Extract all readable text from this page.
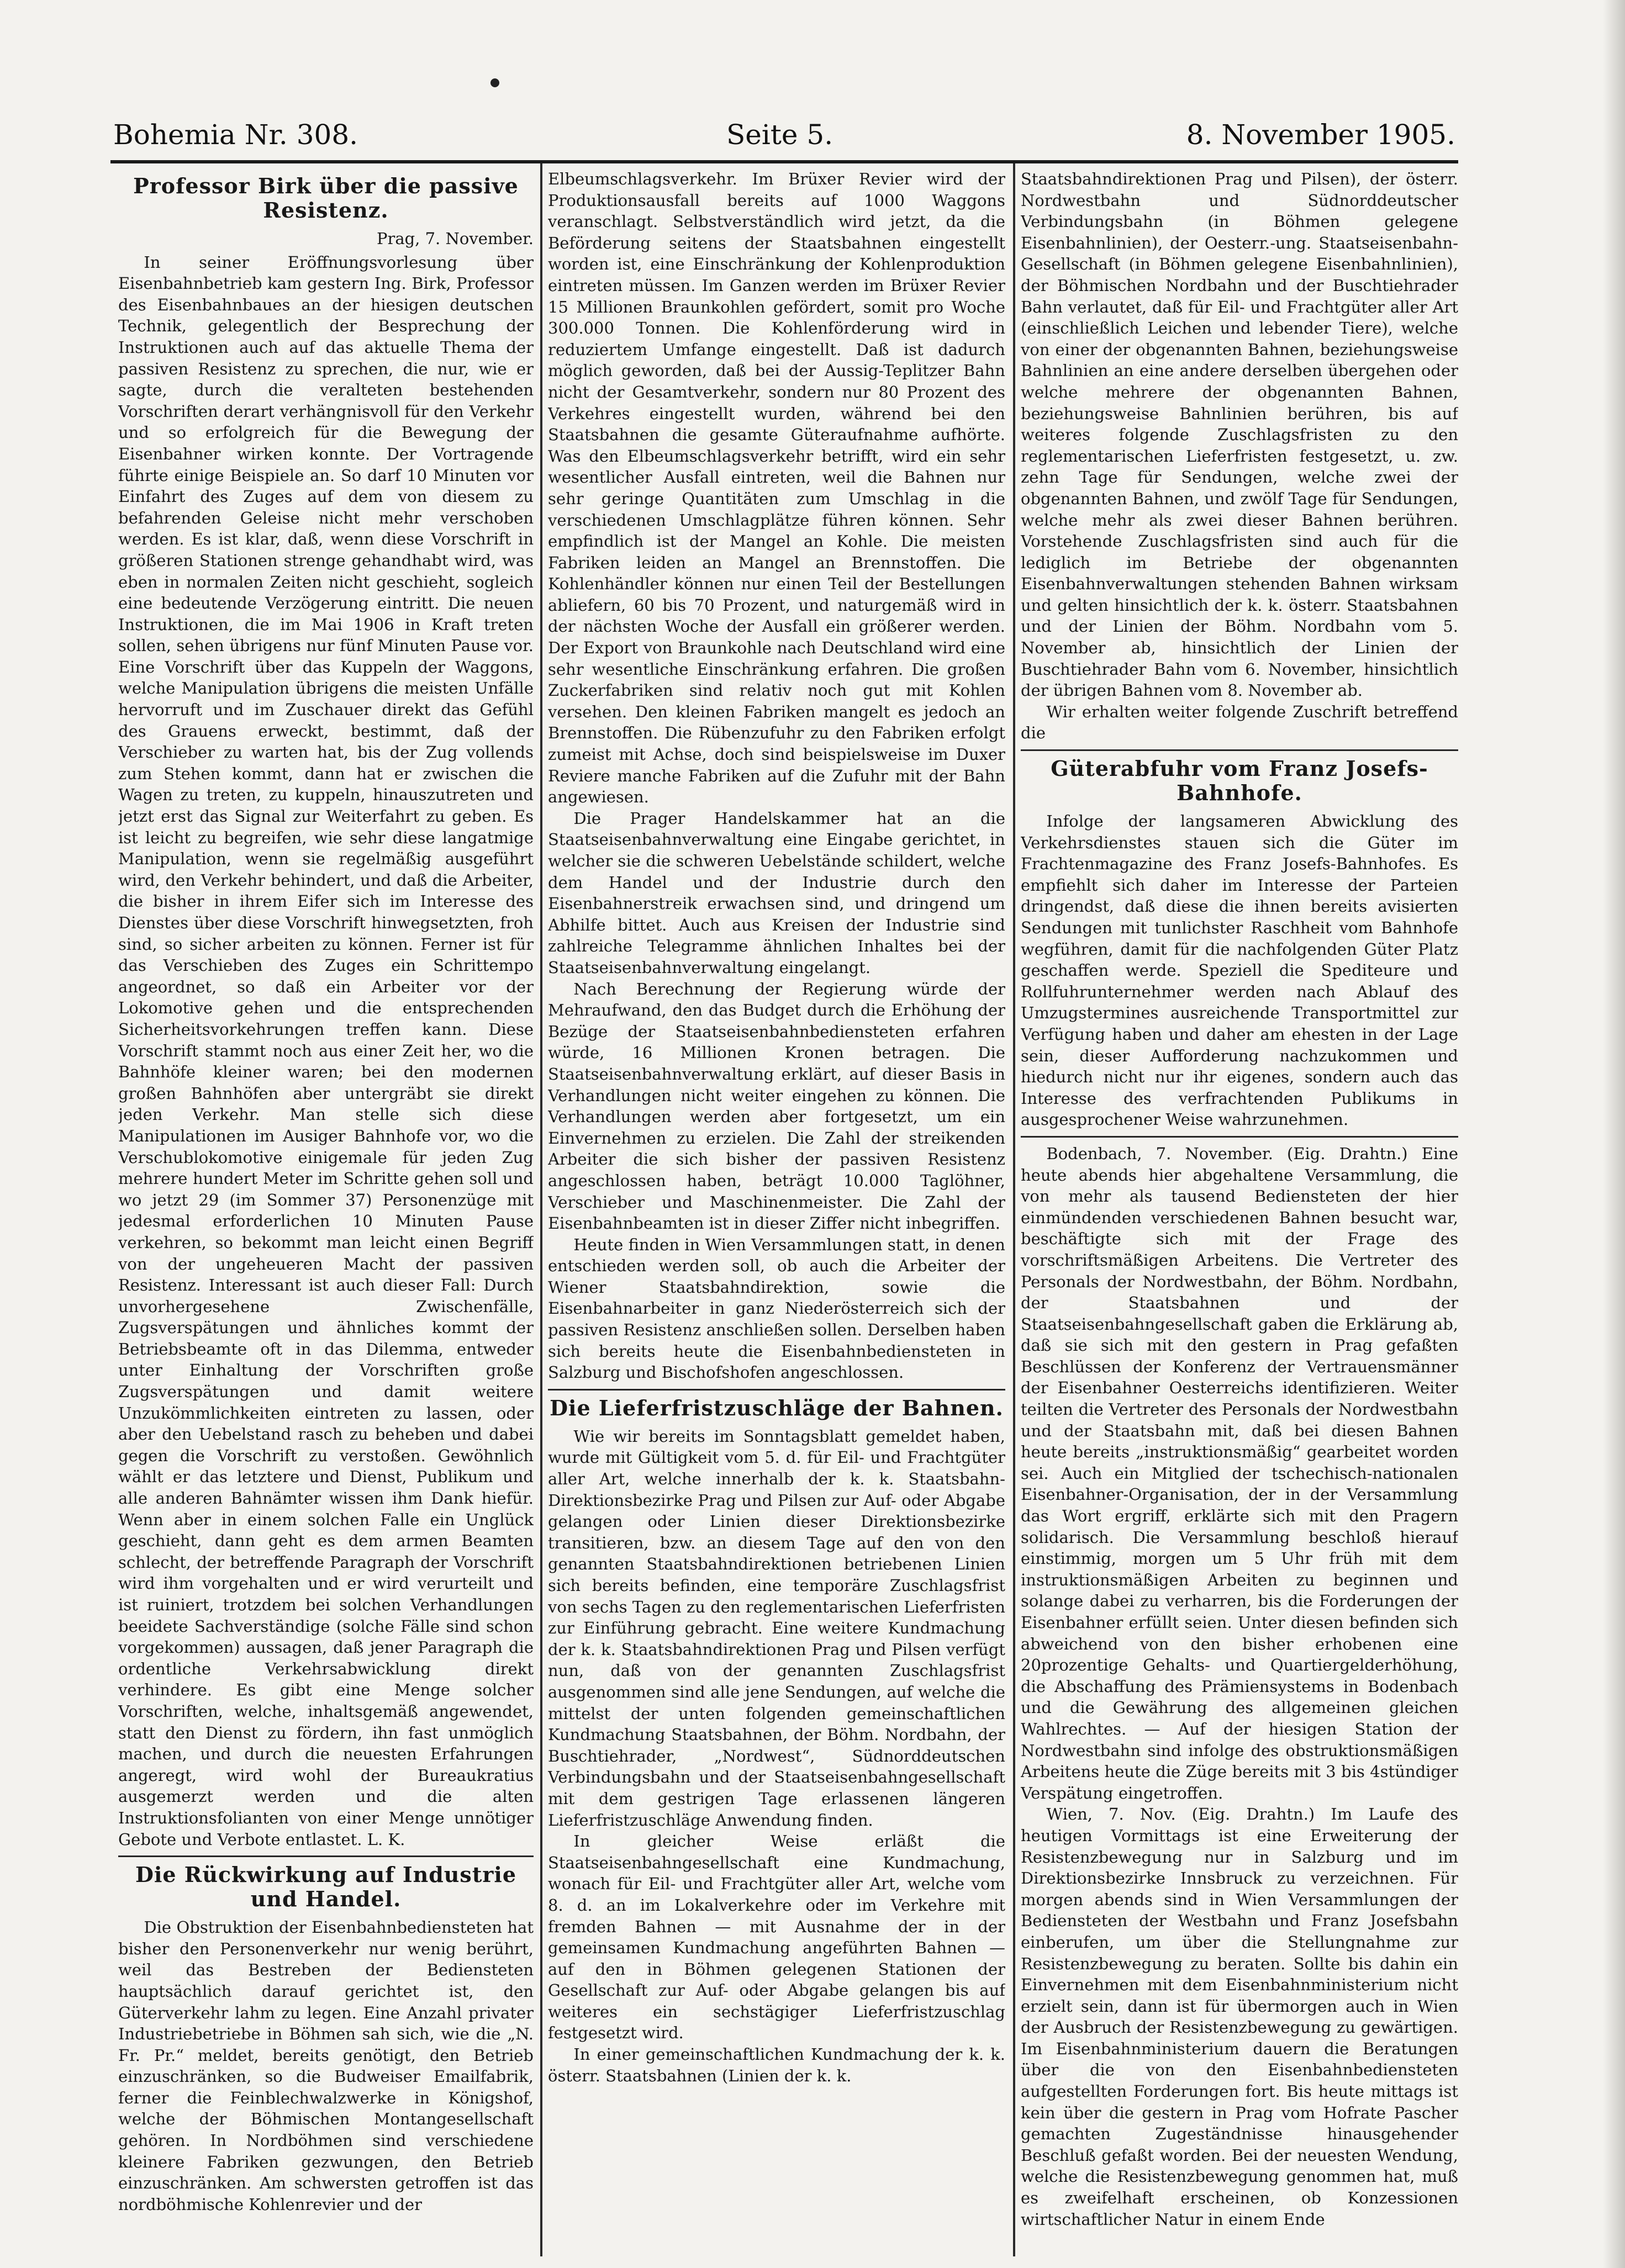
Bohemia Nr. 308.	Seite 5.	8. November 1905.
Professor Birk über die passive Resistenz.

Prag, 7. November.

In seiner Eröffnungsvorlesung über Eisenbahnbetrieb kam gestern Ing. Birk, Professor des Eisenbahnbaues an der hiesigen deutschen Technik, gelegentlich der Besprechung der Instruktionen auch auf das aktuelle Thema der passiven Resistenz zu sprechen, die nur, wie er sagte, durch die veralteten bestehenden Vorschriften derart verhängnisvoll für den Verkehr und so erfolgreich für die Bewegung der Eisenbahner wirken konnte. Der Vortragende führte einige Beispiele an. So darf 10 Minuten vor Einfahrt des Zuges auf dem von diesem zu befahrenden Geleise nicht mehr verschoben werden. Es ist klar, daß, wenn diese Vorschrift in größeren Stationen strenge gehandhabt wird, was eben in normalen Zeiten nicht geschieht, sogleich eine bedeutende Verzögerung eintritt. Die neuen Instruktionen, die im Mai 1906 in Kraft treten sollen, sehen übrigens nur fünf Minuten Pause vor. Eine Vorschrift über das Kuppeln der Waggons, welche Manipulation übrigens die meisten Unfälle hervorruft und im Zuschauer direkt das Gefühl des Grauens erweckt, bestimmt, daß der Verschieber zu warten hat, bis der Zug vollends zum Stehen kommt, dann hat er zwischen die Wagen zu treten, zu kuppeln, hinauszutreten und jetzt erst das Signal zur Weiterfahrt zu geben. Es ist leicht zu begreifen, wie sehr diese langatmige Manipulation, wenn sie regelmäßig ausgeführt wird, den Verkehr behindert, und daß die Arbeiter, die bisher in ihrem Eifer sich im Interesse des Dienstes über diese Vorschrift hinwegsetzten, froh sind, so sicher arbeiten zu können. Ferner ist für das Verschieben des Zuges ein Schrittempo angeordnet, so daß ein Arbeiter vor der Lokomotive gehen und die entsprechenden Sicherheitsvorkehrungen treffen kann. Diese Vorschrift stammt noch aus einer Zeit her, wo die Bahnhöfe kleiner waren; bei den modernen großen Bahnhöfen aber untergräbt sie direkt jeden Verkehr. Man stelle sich diese Manipulationen im Ausiger Bahnhofe vor, wo die Verschublokomotive einigemale für jeden Zug mehrere hundert Meter im Schritte gehen soll und wo jetzt 29 (im Sommer 37) Personenzüge mit jedesmal erforderlichen 10 Minuten Pause verkehren, so bekommt man leicht einen Begriff von der ungeheueren Macht der passiven Resistenz. Interessant ist auch dieser Fall: Durch unvorhergesehene Zwischenfälle, Zugsverspätungen und ähnliches kommt der Betriebsbeamte oft in das Dilemma, entweder unter Einhaltung der Vorschriften große Zugsverspätungen und damit weitere Unzukömmlichkeiten eintreten zu lassen, oder aber den Uebelstand rasch zu beheben und dabei gegen die Vorschrift zu verstoßen. Gewöhnlich wählt er das letztere und Dienst, Publikum und alle anderen Bahnämter wissen ihm Dank hiefür. Wenn aber in einem solchen Falle ein Unglück geschieht, dann geht es dem armen Beamten schlecht, der betreffende Paragraph der Vorschrift wird ihm vorgehalten und er wird verurteilt und ist ruiniert, trotzdem bei solchen Verhandlungen beeidete Sachverständige (solche Fälle sind schon vorgekommen) aussagen, daß jener Paragraph die ordentliche Verkehrsabwicklung direkt verhindere. Es gibt eine Menge solcher Vorschriften, welche, inhaltsgemäß angewendet, statt den Dienst zu fördern, ihn fast unmöglich machen, und durch die neuesten Erfahrungen angeregt, wird wohl der Bureaukratius ausgemerzt werden und die alten Instruktionsfolianten von einer Menge unnötiger Gebote und Verbote entlastet. L. K.

Die Rückwirkung auf Industrie und Handel.

Die Obstruktion der Eisenbahnbediensteten hat bisher den Personenverkehr nur wenig berührt, weil das Bestreben der Bediensteten hauptsächlich darauf gerichtet ist, den Güterverkehr lahm zu legen. Eine Anzahl privater Industriebetriebe in Böhmen sah sich, wie die „N. Fr. Pr.“ meldet, bereits genötigt, den Betrieb einzuschränken, so die Budweiser Emailfabrik, ferner die Feinblechwalzwerke in Königshof, welche der Böhmischen Montangesellschaft gehören. In Nordböhmen sind verschiedene kleinere Fabriken gezwungen, den Betrieb einzuschränken. Am schwersten getroffen ist das nordböhmische Kohlenrevier und der

Elbeumschlagsverkehr. Im Brüxer Revier wird der Produktionsausfall bereits auf 1000 Waggons veranschlagt. Selbstverständlich wird jetzt, da die Beförderung seitens der Staatsbahnen eingestellt worden ist, eine Einschränkung der Kohlenproduktion eintreten müssen. Im Ganzen werden im Brüxer Revier 15 Millionen Braunkohlen gefördert, somit pro Woche 300.000 Tonnen. Die Kohlenförderung wird in reduziertem Umfange eingestellt. Daß ist dadurch möglich geworden, daß bei der Aussig-Teplitzer Bahn nicht der Gesamtverkehr, sondern nur 80 Prozent des Verkehres eingestellt wurden, während bei den Staatsbahnen die gesamte Güteraufnahme aufhörte. Was den Elbeumschlagsverkehr betrifft, wird ein sehr wesentlicher Ausfall eintreten, weil die Bahnen nur sehr geringe Quantitäten zum Umschlag in die verschiedenen Umschlagplätze führen können. Sehr empfindlich ist der Mangel an Kohle. Die meisten Fabriken leiden an Mangel an Brennstoffen. Die Kohlenhändler können nur einen Teil der Bestellungen abliefern, 60 bis 70 Prozent, und naturgemäß wird in der nächsten Woche der Ausfall ein größerer werden. Der Export von Braunkohle nach Deutschland wird eine sehr wesentliche Einschränkung erfahren. Die großen Zuckerfabriken sind relativ noch gut mit Kohlen versehen. Den kleinen Fabriken mangelt es jedoch an Brennstoffen. Die Rübenzufuhr zu den Fabriken erfolgt zumeist mit Achse, doch sind beispielsweise im Duxer Reviere manche Fabriken auf die Zufuhr mit der Bahn angewiesen.

Die Prager Handelskammer hat an die Staatseisenbahnverwaltung eine Eingabe gerichtet, in welcher sie die schweren Uebelstände schildert, welche dem Handel und der Industrie durch den Eisenbahnerstreik erwachsen sind, und dringend um Abhilfe bittet. Auch aus Kreisen der Industrie sind zahlreiche Telegramme ähnlichen Inhaltes bei der Staatseisenbahnverwaltung eingelangt.

Nach Berechnung der Regierung würde der Mehraufwand, den das Budget durch die Erhöhung der Bezüge der Staatseisenbahnbediensteten erfahren würde, 16 Millionen Kronen betragen. Die Staatseisenbahnverwaltung erklärt, auf dieser Basis in Verhandlungen nicht weiter eingehen zu können. Die Verhandlungen werden aber fortgesetzt, um ein Einvernehmen zu erzielen. Die Zahl der streikenden Arbeiter die sich bisher der passiven Resistenz angeschlossen haben, beträgt 10.000 Taglöhner, Verschieber und Maschinenmeister. Die Zahl der Eisenbahnbeamten ist in dieser Ziffer nicht inbegriffen.

Heute finden in Wien Versammlungen statt, in denen entschieden werden soll, ob auch die Arbeiter der Wiener Staatsbahndirektion, sowie die Eisenbahnarbeiter in ganz Niederösterreich sich der passiven Resistenz anschließen sollen. Derselben haben sich bereits heute die Eisenbahnbediensteten in Salzburg und Bischofshofen angeschlossen.

Die Lieferfristzuschläge der Bahnen.

Wie wir bereits im Sonntagsblatt gemeldet haben, wurde mit Gültigkeit vom 5. d. für Eil- und Frachtgüter aller Art, welche innerhalb der k. k. Staatsbahn-Direktionsbezirke Prag und Pilsen zur Auf- oder Abgabe gelangen oder Linien dieser Direktionsbezirke transitieren, bzw. an diesem Tage auf den von den genannten Staatsbahndirektionen betriebenen Linien sich bereits befinden, eine temporäre Zuschlagsfrist von sechs Tagen zu den reglementarischen Lieferfristen zur Einführung gebracht. Eine weitere Kundmachung der k. k. Staatsbahndirektionen Prag und Pilsen verfügt nun, daß von der genannten Zuschlagsfrist ausgenommen sind alle jene Sendungen, auf welche die mittelst der unten folgenden gemeinschaftlichen Kundmachung Staatsbahnen, der Böhm. Nordbahn, der Buschtiehrader, „Nordwest“, Südnorddeutschen Verbindungsbahn und der Staatseisenbahngesellschaft mit dem gestrigen Tage erlassenen längeren Lieferfristzuschläge Anwendung finden.

In gleicher Weise erläßt die Staatseisenbahngesellschaft eine Kundmachung, wonach für Eil- und Frachtgüter aller Art, welche vom 8. d. an im Lokalverkehre oder im Verkehre mit fremden Bahnen — mit Ausnahme der in der gemeinsamen Kundmachung angeführten Bahnen — auf den in Böhmen gelegenen Stationen der Gesellschaft zur Auf- oder Abgabe gelangen bis auf weiteres ein sechstägiger Lieferfristzuschlag festgesetzt wird.

In einer gemeinschaftlichen Kundmachung der k. k. österr. Staatsbahnen (Linien der k. k.

Staatsbahndirektionen Prag und Pilsen), der österr. Nordwestbahn und Südnorddeutscher Verbindungsbahn (in Böhmen gelegene Eisenbahnlinien), der Oesterr.-ung. Staatseisenbahn-Gesellschaft (in Böhmen gelegene Eisenbahnlinien), der Böhmischen Nordbahn und der Buschtiehrader Bahn verlautet, daß für Eil- und Frachtgüter aller Art (einschließlich Leichen und lebender Tiere), welche von einer der obgenannten Bahnen, beziehungsweise Bahnlinien an eine andere derselben übergehen oder welche mehrere der obgenannten Bahnen, beziehungsweise Bahnlinien berühren, bis auf weiteres folgende Zuschlagsfristen zu den reglementarischen Lieferfristen festgesetzt, u. zw. zehn Tage für Sendungen, welche zwei der obgenannten Bahnen, und zwölf Tage für Sendungen, welche mehr als zwei dieser Bahnen berühren. Vorstehende Zuschlagsfristen sind auch für die lediglich im Betriebe der obgenannten Eisenbahnverwaltungen stehenden Bahnen wirksam und gelten hinsichtlich der k. k. österr. Staatsbahnen und der Linien der Böhm. Nordbahn vom 5. November ab, hinsichtlich der Linien der Buschtiehrader Bahn vom 6. November, hinsichtlich der übrigen Bahnen vom 8. November ab.

Wir erhalten weiter folgende Zuschrift betreffend die

Güterabfuhr vom Franz Josefs-Bahnhofe.

Infolge der langsameren Abwicklung des Verkehrsdienstes stauen sich die Güter im Frachtenmagazine des Franz Josefs-Bahnhofes. Es empfiehlt sich daher im Interesse der Parteien dringendst, daß diese die ihnen bereits avisierten Sendungen mit tunlichster Raschheit vom Bahnhofe wegführen, damit für die nachfolgenden Güter Platz geschaffen werde. Speziell die Spediteure und Rollfuhrunternehmer werden nach Ablauf des Umzugstermines ausreichende Transportmittel zur Verfügung haben und daher am ehesten in der Lage sein, dieser Aufforderung nachzukommen und hiedurch nicht nur ihr eigenes, sondern auch das Interesse des verfrachtenden Publikums in ausgesprochener Weise wahrzunehmen.

Bodenbach, 7. November. (Eig. Drahtn.) Eine heute abends hier abgehaltene Versammlung, die von mehr als tausend Bediensteten der hier einmündenden verschiedenen Bahnen besucht war, beschäftigte sich mit der Frage des vorschriftsmäßigen Arbeitens. Die Vertreter des Personals der Nordwestbahn, der Böhm. Nordbahn, der Staatsbahnen und der Staatseisenbahngesellschaft gaben die Erklärung ab, daß sie sich mit den gestern in Prag gefaßten Beschlüssen der Konferenz der Vertrauensmänner der Eisenbahner Oesterreichs identifizieren. Weiter teilten die Vertreter des Personals der Nordwestbahn und der Staatsbahn mit, daß bei diesen Bahnen heute bereits „instruktionsmäßig“ gearbeitet worden sei. Auch ein Mitglied der tschechisch-nationalen Eisenbahner-Organisation, der in der Versammlung das Wort ergriff, erklärte sich mit den Pragern solidarisch. Die Versammlung beschloß hierauf einstimmig, morgen um 5 Uhr früh mit dem instruktionsmäßigen Arbeiten zu beginnen und solange dabei zu verharren, bis die Forderungen der Eisenbahner erfüllt seien. Unter diesen befinden sich abweichend von den bisher erhobenen eine 20prozentige Gehalts- und Quartiergelderhöhung, die Abschaffung des Prämiensystems in Bodenbach und die Gewährung des allgemeinen gleichen Wahlrechtes. — Auf der hiesigen Station der Nordwestbahn sind infolge des obstruktionsmäßigen Arbeitens heute die Züge bereits mit 3 bis 4stündiger Verspätung eingetroffen.

Wien, 7. Nov. (Eig. Drahtn.) Im Laufe des heutigen Vormittags ist eine Erweiterung der Resistenzbewegung nur in Salzburg und im Direktionsbezirke Innsbruck zu verzeichnen. Für morgen abends sind in Wien Versammlungen der Bediensteten der Westbahn und Franz Josefsbahn einberufen, um über die Stellungnahme zur Resistenzbewegung zu beraten. Sollte bis dahin ein Einvernehmen mit dem Eisenbahnministerium nicht erzielt sein, dann ist für übermorgen auch in Wien der Ausbruch der Resistenzbewegung zu gewärtigen. Im Eisenbahnministerium dauern die Beratungen über die von den Eisenbahnbediensteten aufgestellten Forderungen fort. Bis heute mittags ist kein über die gestern in Prag vom Hofrate Pascher gemachten Zugeständnisse hinausgehender Beschluß gefaßt worden. Bei der neuesten Wendung, welche die Resistenzbewegung genommen hat, muß es zweifelhaft erscheinen, ob Konzessionen wirtschaftlicher Natur in einem Ende
